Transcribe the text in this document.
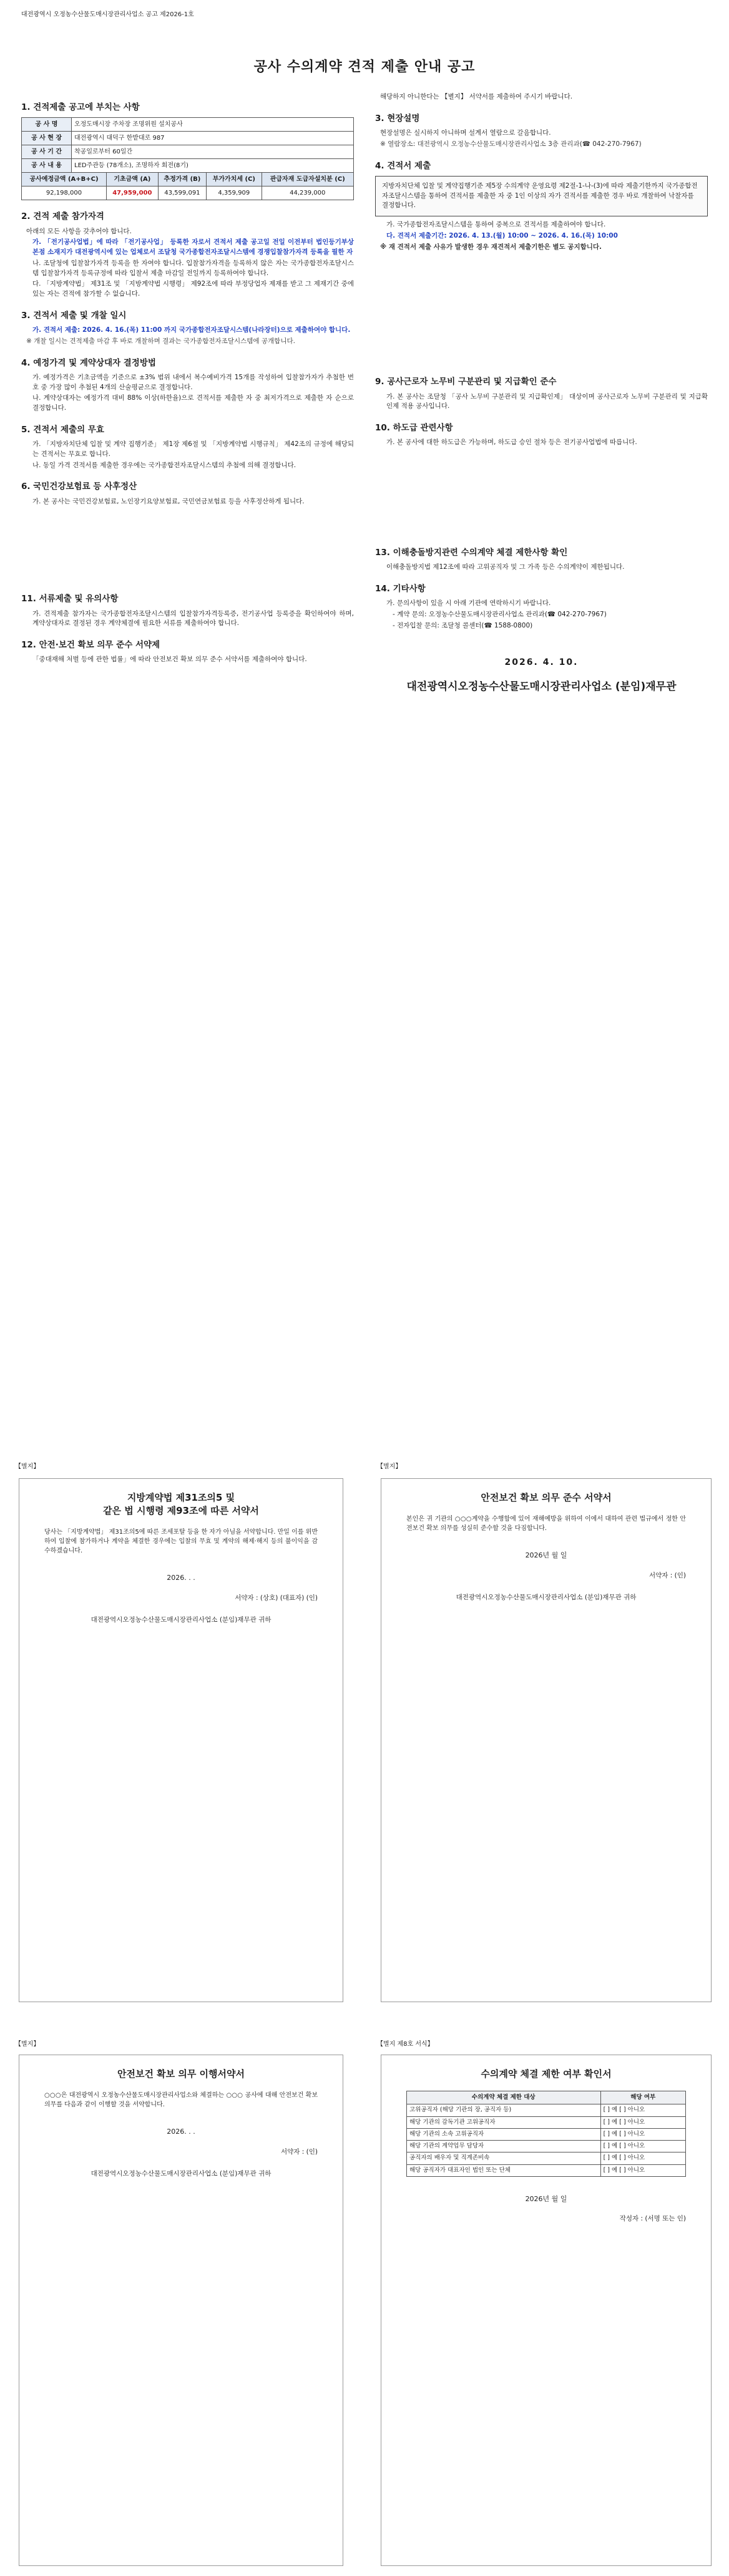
대전광역시 오정농수산물도매시장관리사업소 공고 제2026-1호
공사 수의계약 견적 제출 안내 공고
1. 견적제출 공고에 부치는 사항
공 사 명	오정도매시장 주차장 조명위원 설치공사
공 사 현 장	대전광역시 대덕구 한밭대로 987
공 사 기 간	착공일로부터 60일간
공 사 내 용	LED주관등 (78개소), 조명하자 회전(8기)
공사예정금액 (A+B+C)	기초금액 (A)	추정가격 (B)	부가가치세 (C)	관급자재 도급자설치분 (C)
92,198,000	47,959,000	43,599,091	4,359,909	44,239,000
2. 견적 제출 참가자격

아래의 모든 사항을 갖추어야 합니다.

가. 「전기공사업법」에 따라 「전기공사업」 등록한 자로서 견적서 제출 공고일 전일 이전부터 법인등기부상 본점 소재지가 대전광역시에 있는 업체로서 조달청 국가종합전자조달시스템에 경쟁입찰참가자격 등록을 필한 자

나. 조달청에 입찰참가자격 등록을 한 자여야 합니다. 입찰참가자격을 등록하지 않은 자는 국가종합전자조달시스템 입찰참가자격 등록규정에 따라 입찰서 제출 마감일 전일까지 등록하여야 합니다.

다. 「지방계약법」 제31조 및 「지방계약법 시행령」 제92조에 따라 부정당업자 제재를 받고 그 제재기간 중에 있는 자는 견적에 참가할 수 없습니다.

3. 견적서 제출 및 개찰 일시

가. 견적서 제출: 2026. 4. 16.(목) 11:00 까지 국가종합전자조달시스템(나라장터)으로 제출하여야 합니다.

※ 개찰 일시는 견적제출 마감 후 바로 개찰하며 결과는 국가종합전자조달시스템에 공개합니다.

4. 예정가격 및 계약상대자 결정방법

가. 예정가격은 기초금액을 기준으로 ±3% 범위 내에서 복수예비가격 15개를 작성하여 입찰참가자가 추첨한 번호 중 가장 많이 추첨된 4개의 산술평균으로 결정합니다.

나. 계약상대자는 예정가격 대비 88% 이상(하한율)으로 견적서를 제출한 자 중 최저가격으로 제출한 자 순으로 결정합니다.

5. 견적서 제출의 무효

가. 「지방자치단체 입찰 및 계약 집행기준」 제1장 제6절 및 「지방계약법 시행규칙」 제42조의 규정에 해당되는 견적서는 무효로 합니다.

나. 동일 가격 견적서를 제출한 경우에는 국가종합전자조달시스템의 추첨에 의해 결정합니다.

6. 국민건강보험료 등 사후정산

가. 본 공사는 국민건강보험료, 노인장기요양보험료, 국민연금보험료 등을 사후정산하게 됩니다.

11. 서류제출 및 유의사항

가. 견적제출 참가자는 국가종합전자조달시스템의 입찰참가자격등록증, 전기공사업 등록증을 확인하여야 하며, 계약상대자로 결정된 경우 계약체결에 필요한 서류를 제출하여야 합니다.

12. 안전·보건 확보 의무 준수 서약제

「중대재해 처벌 등에 관한 법률」에 따라 안전보건 확보 의무 준수 서약서를 제출하여야 합니다.

해당하지 아니한다는 【별지】 서약서를 제출하여 주시기 바랍니다.

3. 현장설명

현장설명은 실시하지 아니하며 설계서 열람으로 갈음합니다.

※ 열람장소: 대전광역시 오정농수산물도매시장관리사업소 3층 관리과(☎ 042-270-7967)

4. 견적서 제출
지방자치단체 입찰 및 계약집행기준 제5장 수의계약 운영요령 제2절-1-나-(3)에 따라 제출기한까지 국가종합전자조달시스템을 통하여 견적서를 제출한 자 중 1인 이상의 자가 견적서를 제출한 경우 바로 개찰하여 낙찰자를 결정합니다.

가. 국가종합전자조달시스템을 통하여 중복으로 견적서를 제출하여야 합니다.

다. 견적서 제출기간: 2026. 4. 13.(월) 10:00 ~ 2026. 4. 16.(목) 10:00

※ 재 견적서 제출 사유가 발생한 경우 재견적서 제출기한은 별도 공지합니다.

9. 공사근로자 노무비 구분관리 및 지급확인 준수

가. 본 공사는 조달청 「공사 노무비 구분관리 및 지급확인제」 대상이며 공사근로자 노무비 구분관리 및 지급확인제 적용 공사입니다.

10. 하도급 관련사항

가. 본 공사에 대한 하도급은 가능하며, 하도급 승인 절차 등은 전기공사업법에 따릅니다.

13. 이해충돌방지관련 수의계약 체결 제한사항 확인

이해충돌방지법 제12조에 따라 고위공직자 및 그 가족 등은 수의계약이 제한됩니다.

14. 기타사항

가. 문의사항이 있을 시 아래 기관에 연락하시기 바랍니다.

- 계약 문의: 오정농수산물도매시장관리사업소 관리과(☎ 042-270-7967)

- 전자입찰 문의: 조달청 콜센터(☎ 1588-0800)

2026. 4. 10.
대전광역시오정농수산물도매시장관리사업소 (분임)재무관
【별지】
지방계약법 제31조의5 및
같은 법 시행령 제93조에 따른 서약서

당사는 「지방계약법」 제31조의5에 따른 조세포탈 등을 한 자가 아님을 서약합니다. 만일 이를 위반하여 입찰에 참가하거나 계약을 체결한 경우에는 입찰의 무효 및 계약의 해제·해지 등의 불이익을 감수하겠습니다.

2026. . .
서약자 : (상호) (대표자) (인)
대전광역시오정농수산물도매시장관리사업소 (분임)재무관 귀하
【별지】
안전보건 확보 의무 준수 서약서

본인은 귀 기관의 ○○○계약을 수행함에 있어 재해예방을 위하여 이에서 대하여 관련 법규에서 정한 안전보건 확보 의무를 성실히 준수할 것을 다짐합니다.

2026년 월 일
서약자 : (인)
대전광역시오정농수산물도매시장관리사업소 (분임)재무관 귀하
【별지】
안전보건 확보 의무 이행서약서

○○○은 대전광역시 오정농수산물도매시장관리사업소와 체결하는 ○○○ 공사에 대해 안전보건 확보 의무를 다음과 같이 이행할 것을 서약합니다.

2026. . .
서약자 : (인)
대전광역시오정농수산물도매시장관리사업소 (분임)재무관 귀하
【별지 제8호 서식】
수의계약 체결 제한 여부 확인서
수의계약 체결 제한 대상	해당 여부
고위공직자 (해당 기관의 장, 공직자 등)	[ ] 예 [ ] 아니오
해당 기관의 감독기관 고위공직자	[ ] 예 [ ] 아니오
해당 기관의 소속 고위공직자	[ ] 예 [ ] 아니오
해당 기관의 계약업무 담당자	[ ] 예 [ ] 아니오
공직자의 배우자 및 직계존비속	[ ] 예 [ ] 아니오
해당 공직자가 대표자인 법인 또는 단체	[ ] 예 [ ] 아니오
2026년 월 일
작성자 : (서명 또는 인)
